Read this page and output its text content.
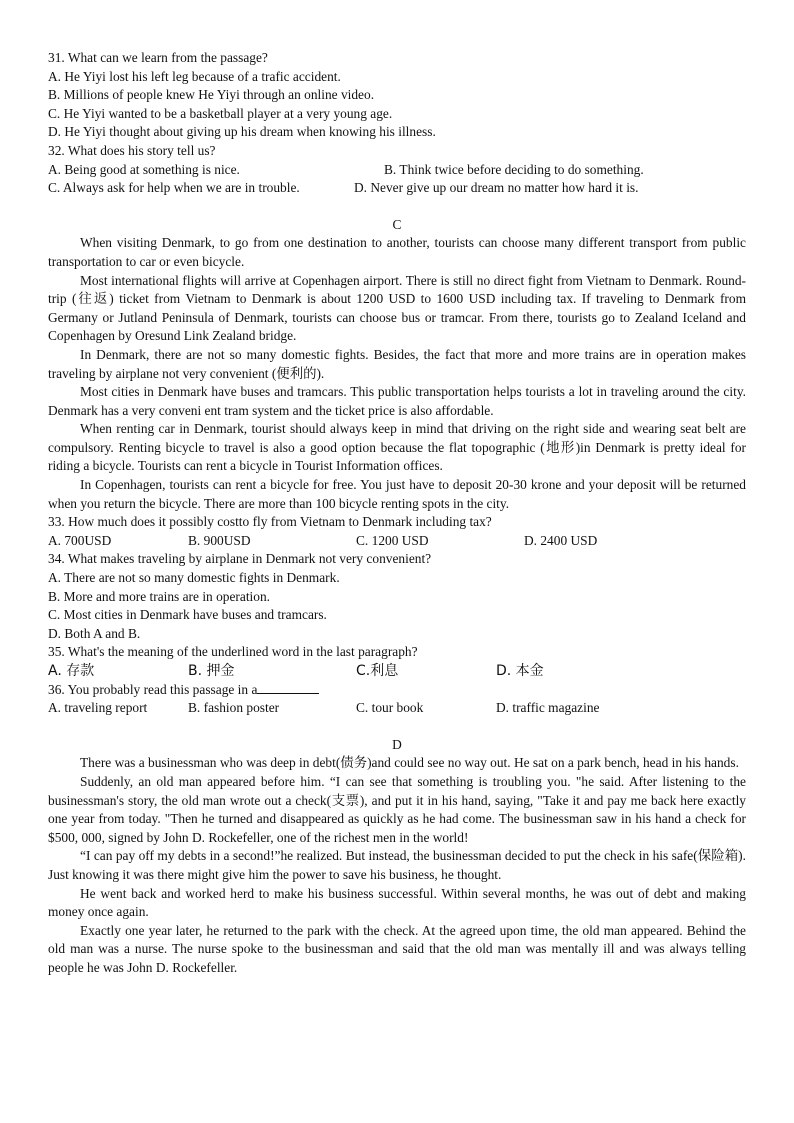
31. What can we learn from the passage?

A. He Yiyi lost his left leg because of a trafic accident.

B. Millions of people knew He Yiyi through an online video.

C. He Yiyi wanted to be a basketball player at a very young age.

D. He Yiyi thought about giving up his dream when knowing his illness.

32. What does his story tell us?

A. Being good at something is nice.	B. Think twice before deciding to do something.
C. Always ask for help when we are in trouble.	D. Never give up our dream no matter how hard it is.

C

When visiting Denmark, to go from one destination to another, tourists can choose many different transport from public transportation to car or even bicycle.

Most international flights will arrive at Copenhagen airport. There is still no direct fight from Vietnam to Denmark. Round-trip (往返) ticket from Vietnam to Denmark is about 1200 USD to 1600 USD including tax. If traveling to Denmark from Germany or Jutland Peninsula of Denmark, tourists can choose bus or tramcar. From there, tourists go to Zealand Iceland and Copenhagen by Oresund Link Zealand bridge.

In Denmark, there are not so many domestic fights. Besides, the fact that more and more trains are in operation makes traveling by airplane not very convenient (便利的).

Most cities in Denmark have buses and tramcars. This public transportation helps tourists a lot in traveling around the city. Denmark has a very conveni ent tram system and the ticket price is also affordable.

When renting car in Denmark, tourist should always keep in mind that driving on the right side and wearing seat belt are compulsory. Renting bicycle to travel is also a good option because the flat topographic (地形)in Denmark is pretty ideal for riding a bicycle. Tourists can rent a bicycle in Tourist Information offices.

In Copenhagen, tourists can rent a bicycle for free. You just have to deposit 20-30 krone and your deposit will be returned when you return the bicycle. There are more than 100 bicycle renting spots in the city.

33. How much does it possibly costto fly from Vietnam to Denmark including tax?

A. 700USD	B. 900USD	C. 1200 USD	D. 2400 USD

34. What makes traveling by airplane in Denmark not very convenient?

A. There are not so many domestic fights in Denmark.

B. More and more trains are in operation.

C. Most cities in Denmark have buses and tramcars.

D. Both A and B.

35. What's the meaning of the underlined word in the last paragraph?

A. 存款	B. 押金	C.利息	D. 本金

36. You probably read this passage in a

A. traveling report	B. fashion poster	C. tour book	D. traffic magazine

D

There was a businessman who was deep in debt(债务)and could see no way out. He sat on a park bench, head in his hands.

Suddenly, an old man appeared before him. “I can see that something is troubling you. "he said. After listening to the businessman's story, the old man wrote out a check(支票), and put it in his hand, saying, "Take it and pay me back here exactly one year from today. "Then he turned and disappeared as quickly as he had come. The businessman saw in his hand a check for $500, 000, signed by John D. Rockefeller, one of the richest men in the world!

“I can pay off my debts in a second!”he realized. But instead, the businessman decided to put the check in his safe(保险箱). Just knowing it was there might give him the power to save his business, he thought.

He went back and worked herd to make his business successful. Within several months, he was out of debt and making money once again.

Exactly one year later, he returned to the park with the check. At the agreed upon time, the old man appeared. Behind the old man was a nurse. The nurse spoke to the businessman and said that the old man was mentally ill and was always telling people he was John D. Rockefeller.
